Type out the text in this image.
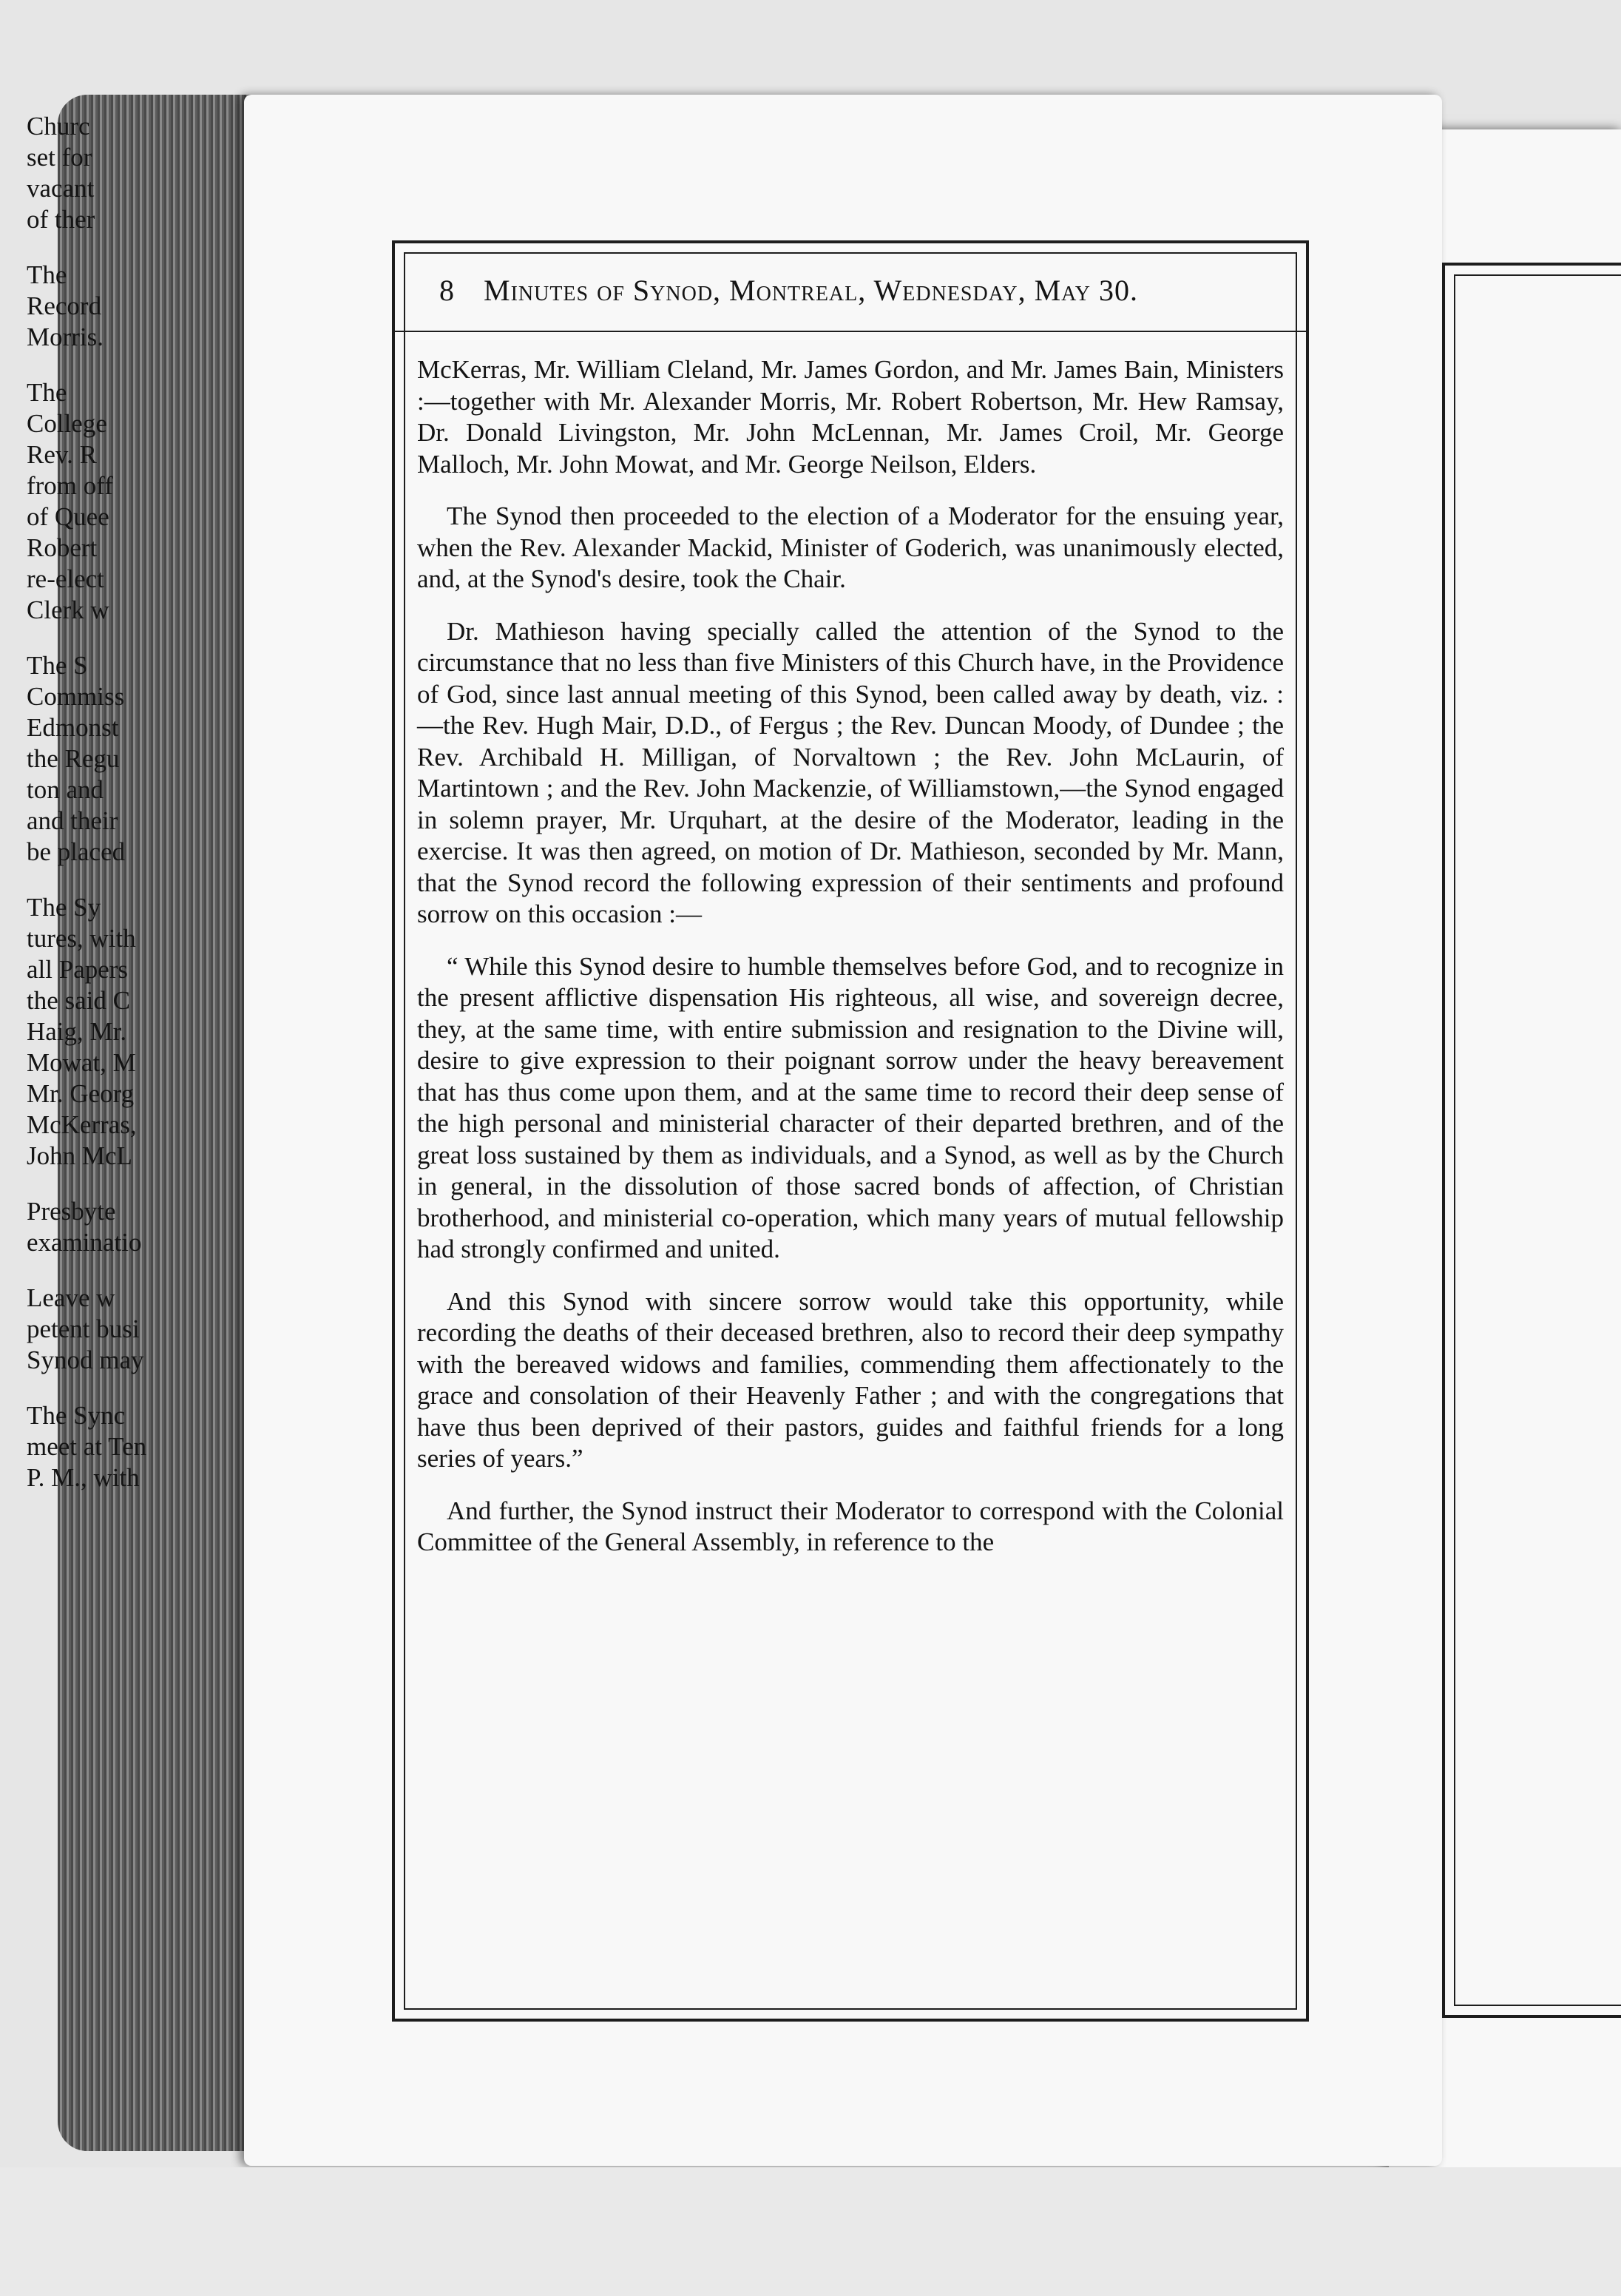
8 Minutes of Synod, Montreal, Wednesday, May 30.

McKerras, Mr. William Cleland, Mr. James Gordon, and Mr. James Bain, Ministers :—together with Mr. Alexander Morris, Mr. Robert Robertson, Mr. Hew Ramsay, Dr. Donald Livingston, Mr. John McLennan, Mr. James Croil, Mr. George Malloch, Mr. John Mowat, and Mr. George Neilson, Elders.

The Synod then proceeded to the election of a Moderator for the ensuing year, when the Rev. Alexander Mackid, Minister of Goderich, was unanimously elected, and, at the Synod's desire, took the Chair.

Dr. Mathieson having specially called the attention of the Synod to the circumstance that no less than five Ministers of this Church have, in the Providence of God, since last annual meeting of this Synod, been called away by death, viz. :—the Rev. Hugh Mair, D.D., of Fergus ; the Rev. Duncan Moody, of Dundee ; the Rev. Archibald H. Milligan, of Norvaltown ; the Rev. John McLaurin, of Martintown ; and the Rev. John Mackenzie, of Williamstown,—the Synod engaged in solemn prayer, Mr. Urquhart, at the desire of the Moderator, leading in the exercise. It was then agreed, on motion of Dr. Mathieson, seconded by Mr. Mann, that the Synod record the following expression of their sentiments and profound sorrow on this occasion :—

“ While this Synod desire to humble themselves before God, and to recognize in the present afflictive dispensation His righteous, all wise, and sovereign decree, they, at the same time, with entire submission and resignation to the Divine will, desire to give expression to their poignant sorrow under the heavy bereavement that has thus come upon them, and at the same time to record their deep sense of the high personal and ministerial character of their departed brethren, and of the great loss sustained by them as individuals, and a Synod, as well as by the Church in general, in the dissolution of those sacred bonds of affection, of Christian brotherhood, and ministerial co-operation, which many years of mutual fellowship had strongly confirmed and united.

And this Synod with sincere sorrow would take this opportunity, while recording the deaths of their deceased brethren, also to record their deep sympathy with the bereaved widows and families, commending them affectionately to the grace and consolation of their Heavenly Father ; and with the congregations that have thus been deprived of their pastors, guides and faithful friends for a long series of years.”

And further, the Synod instruct their Moderator to correspond with the Colonial Committee of the General Assembly, in reference to the

Churc
set for
vacant
of ther
The
Record
Morris.
The
College
Rev. R
from off
of Quee
Robert
re-elect
Clerk w
The S
Commiss
Edmonst
the Regu
ton and
and their
be placed
The Sy
tures, with
all Papers
the said C
Haig, Mr.
Mowat, M
Mr. Georg
McKerras,
John McL
Presbyte
examinatio
Leave w
petent busi
Synod may
The Sync
meet at Ten
P. M., with
